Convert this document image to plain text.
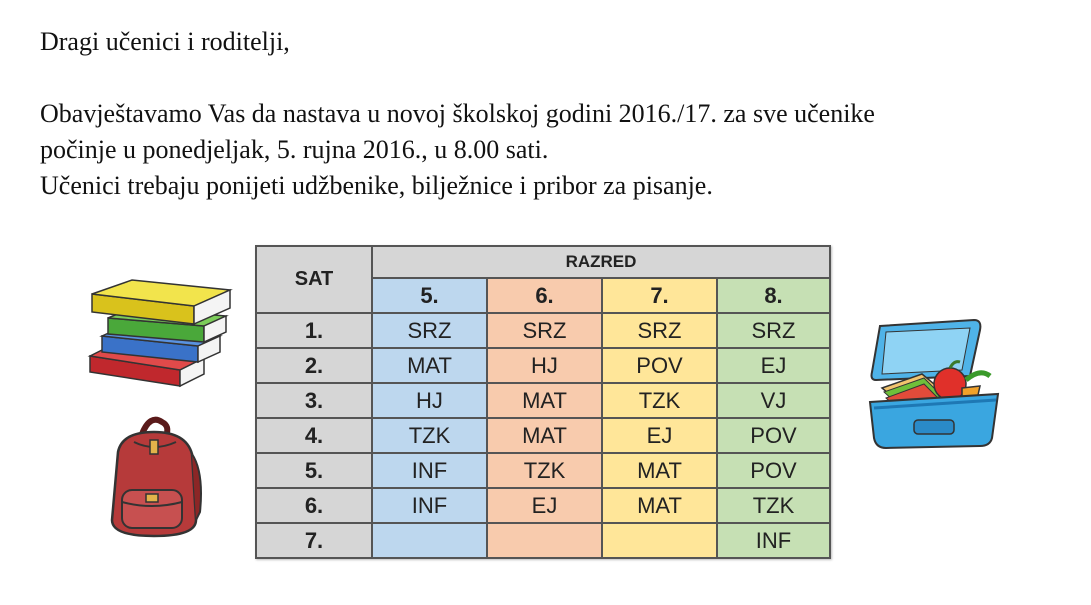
Dragi učenici i roditelji,

Obavještavamo Vas da nastava u novoj školskoj godini 2016./17. za sve učenike
počinje u ponedjeljak, 5. rujna 2016., u 8.00 sati.
Učenici trebaju ponijeti udžbenike, bilježnice i pribor za pisanje.
SAT	RAZRED			
	5.	6.	7.	8.
1.	SRZ	SRZ	SRZ	SRZ
2.	MAT	HJ	POV	EJ
3.	HJ	MAT	TZK	VJ
4.	TZK	MAT	EJ	POV
5.	INF	TZK	MAT	POV
6.	INF	EJ	MAT	TZK
7.				INF
